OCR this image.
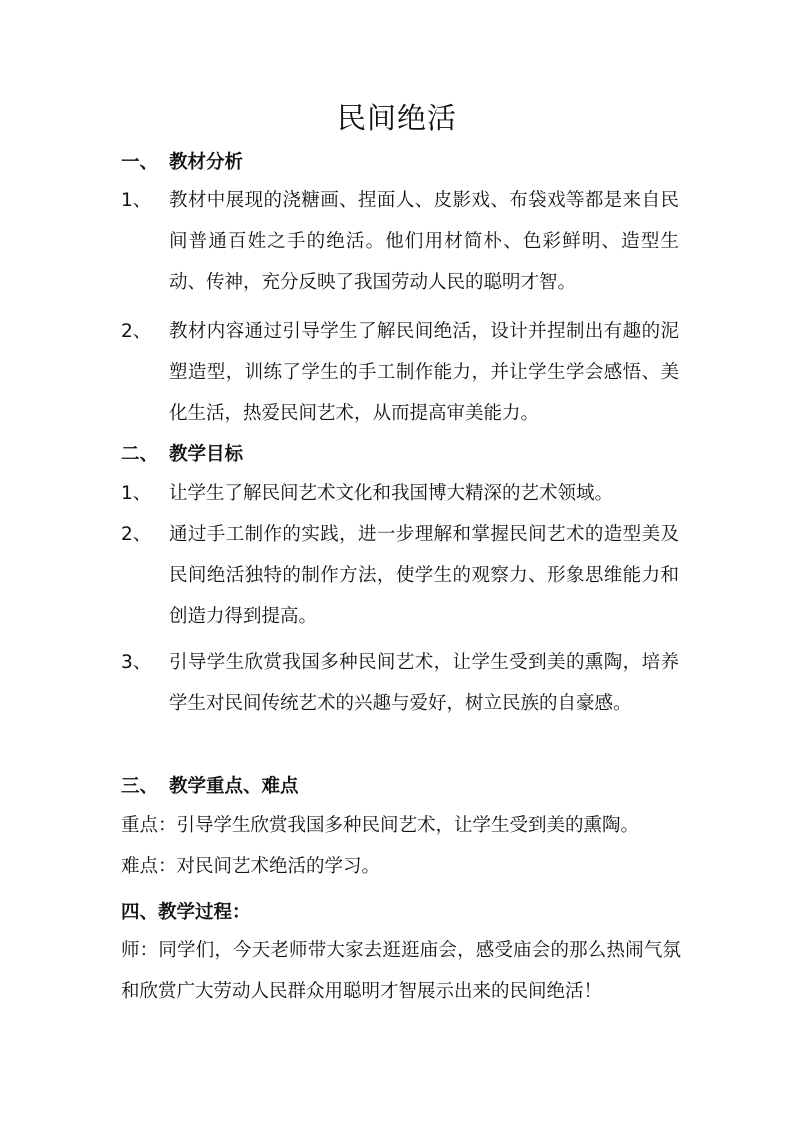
民间绝活
一、 教材分析
1、 教材中展现的浇糖画、捏面人、皮影戏、布袋戏等都是来自民间普通百姓之手的绝活。他们用材简朴、色彩鲜明、造型生动、传神，充分反映了我国劳动人民的聪明才智。
2、 教材内容通过引导学生了解民间绝活，设计并捏制出有趣的泥塑造型，训练了学生的手工制作能力，并让学生学会感悟、美化生活，热爱民间艺术，从而提高审美能力。
二、 教学目标
1、 让学生了解民间艺术文化和我国博大精深的艺术领域。
2、 通过手工制作的实践，进一步理解和掌握民间艺术的造型美及民间绝活独特的制作方法，使学生的观察力、形象思维能力和创造力得到提高。
3、 引导学生欣赏我国多种民间艺术，让学生受到美的熏陶，培养学生对民间传统艺术的兴趣与爱好，树立民族的自豪感。
三、 教学重点、难点
重点：引导学生欣赏我国多种民间艺术，让学生受到美的熏陶。
难点：对民间艺术绝活的学习。
四、教学过程：
师：同学们，今天老师带大家去逛逛庙会，感受庙会的那么热闹气氛和欣赏广大劳动人民群众用聪明才智展示出来的民间绝活！
